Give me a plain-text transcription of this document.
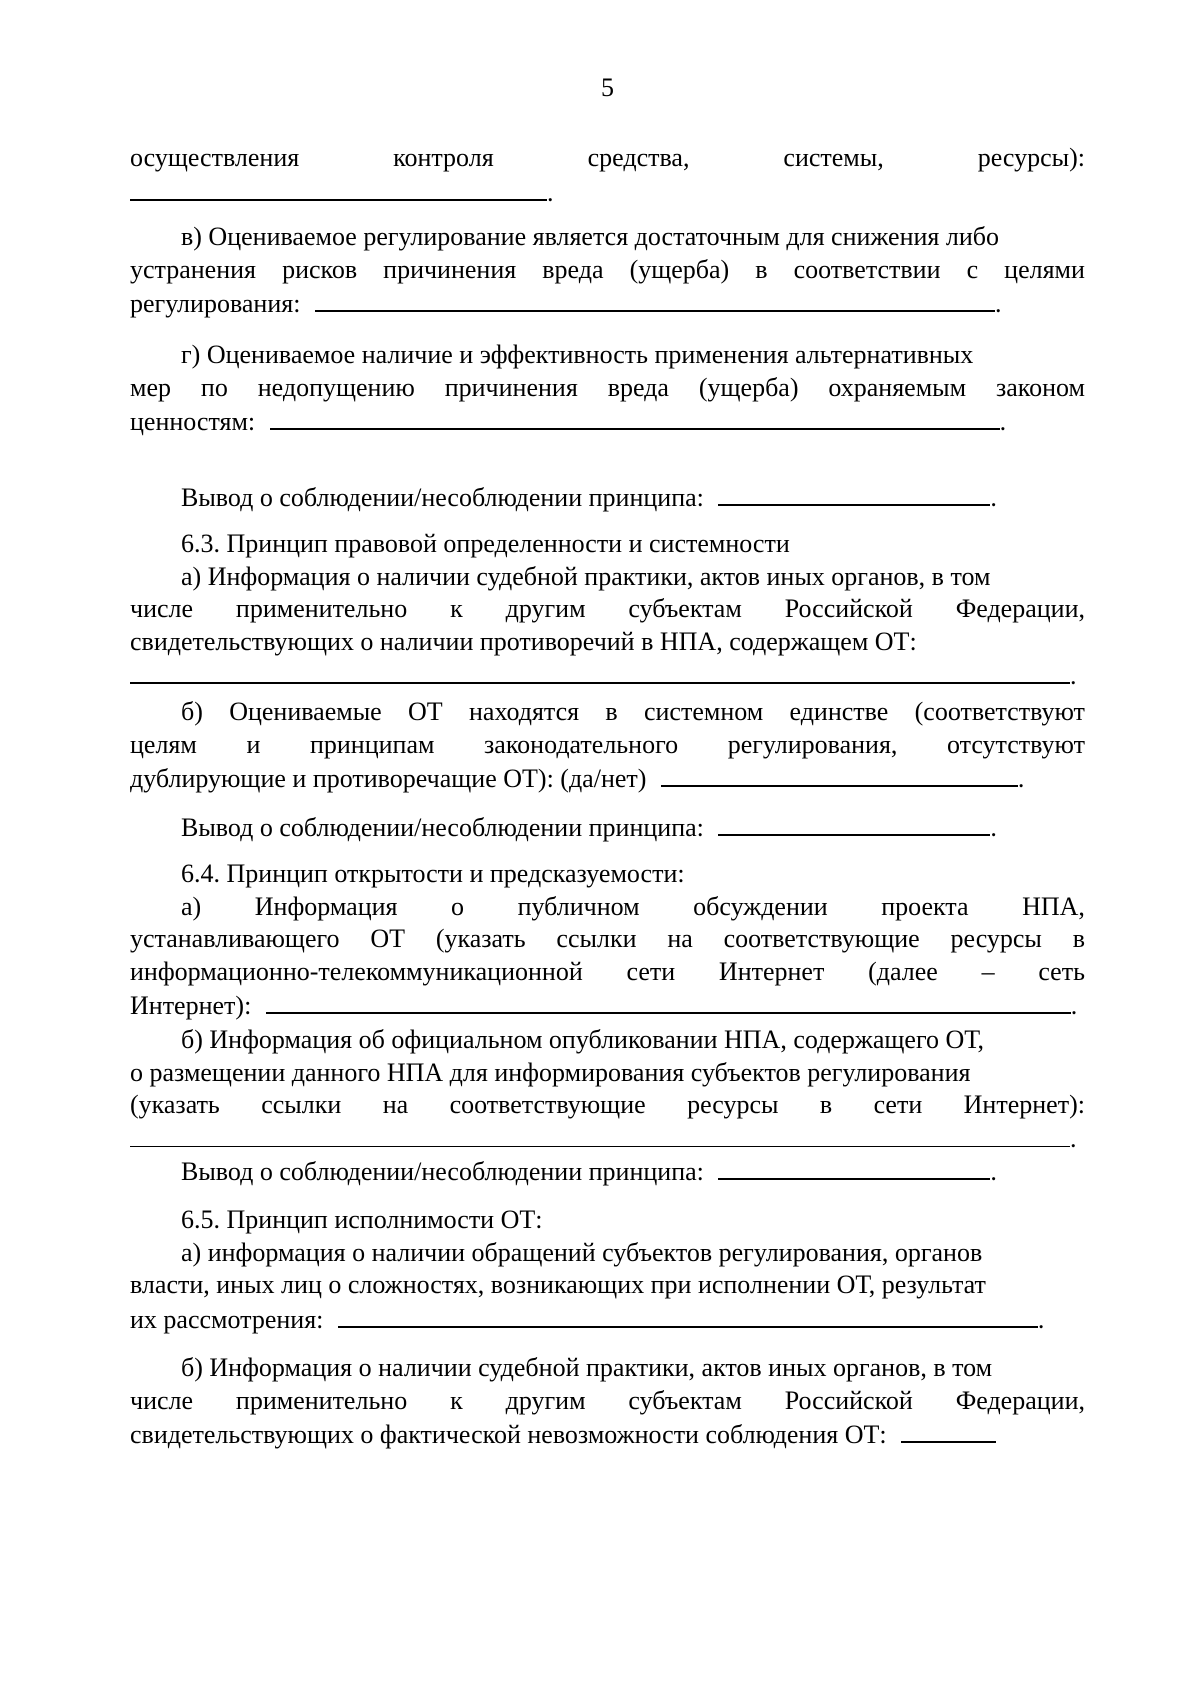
5
осуществления	контроля	средства,	системы,	ресурсы):
.
в) Оцениваемое регулирование является достаточным для снижения либо
устранения рисков причинения вреда (ущерба) в соответствии с целями
регулирования:	.
г) Оцениваемое наличие и эффективность применения альтернативных
мер по недопущению причинения вреда (ущерба) охраняемым законом
ценностям:	.
Вывод о соблюдении/несоблюдении принципа:	.
6.3. Принцип правовой определенности и системности
а) Информация о наличии судебной практики, актов иных органов, в том
числе применительно к другим субъектам Российской Федерации,
свидетельствующих о наличии противоречий в НПА, содержащем ОТ:
.
б) Оцениваемые ОТ находятся в системном единстве (соответствуют
целям и принципам законодательного регулирования, отсутствуют
дублирующие и противоречащие ОТ): (да/нет)	.
Вывод о соблюдении/несоблюдении принципа:	.
6.4. Принцип открытости и предсказуемости:
а) Информация о публичном обсуждении проекта НПА,
устанавливающего ОТ (указать ссылки на соответствующие ресурсы в
информационно-телекоммуникационной сети Интернет (далее – сеть
Интернет):	.
б) Информация об официальном опубликовании НПА, содержащего ОТ,
о размещении данного НПА для информирования субъектов регулирования
(указать ссылки на соответствующие ресурсы в сети Интернет):
.
Вывод о соблюдении/несоблюдении принципа:	.
6.5. Принцип исполнимости ОТ:
а) информация о наличии обращений субъектов регулирования, органов
власти, иных лиц о сложностях, возникающих при исполнении ОТ, результат
их рассмотрения:	.
б) Информация о наличии судебной практики, актов иных органов, в том
числе применительно к другим субъектам Российской Федерации,
свидетельствующих о фактической невозможности соблюдения ОТ:
